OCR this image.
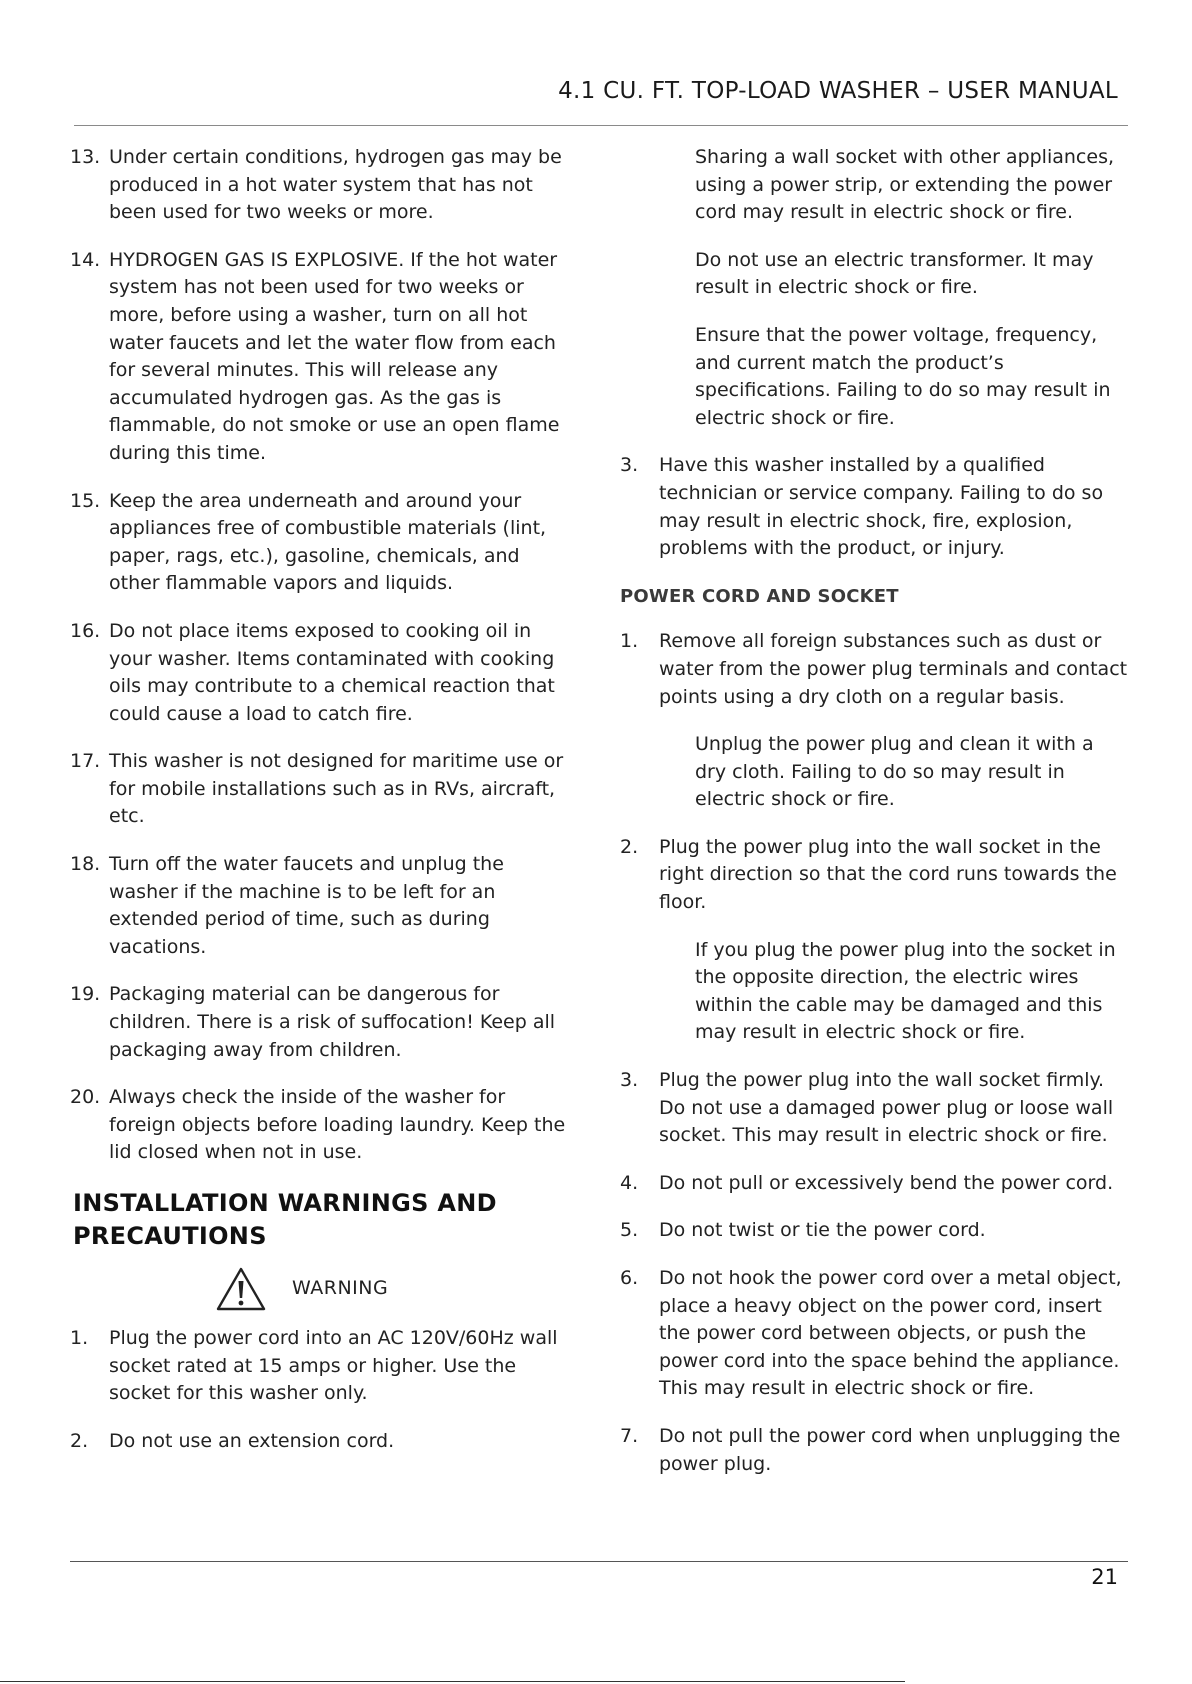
4.1 CU. FT. TOP-LOAD WASHER – USER MANUAL
13. Under certain conditions, hydrogen gas may be produced in a hot water system that has not been used for two weeks or more.
14. HYDROGEN GAS IS EXPLOSIVE. If the hot water system has not been used for two weeks or more, before using a washer, turn on all hot water faucets and let the water flow from each for several minutes. This will release any accumulated hydrogen gas. As the gas is flammable, do not smoke or use an open flame during this time.
15. Keep the area underneath and around your appliances free of combustible materials (lint, paper, rags, etc.), gasoline, chemicals, and other flammable vapors and liquids.
16. Do not place items exposed to cooking oil in your washer. Items contaminated with cooking oils may contribute to a chemical reaction that could cause a load to catch fire.
17. This washer is not designed for maritime use or for mobile installations such as in RVs, aircraft, etc.
18. Turn off the water faucets and unplug the washer if the machine is to be left for an extended period of time, such as during vacations.
19. Packaging material can be dangerous for children. There is a risk of suffocation! Keep all packaging away from children.
20. Always check the inside of the washer for foreign objects before loading laundry. Keep the lid closed when not in use.
INSTALLATION WARNINGS AND
PRECAUTIONS
WARNING
1. Plug the power cord into an AC 120V/60Hz wall socket rated at 15 amps or higher. Use the socket for this washer only.
2. Do not use an extension cord.
Sharing a wall socket with other appliances, using a power strip, or extending the power cord may result in electric shock or fire.
Do not use an electric transformer. It may result in electric shock or fire.
Ensure that the power voltage, frequency, and current match the product’s specifications. Failing to do so may result in electric shock or fire.
3. Have this washer installed by a qualified technician or service company. Failing to do so may result in electric shock, fire, explosion, problems with the product, or injury.
POWER CORD AND SOCKET
1. Remove all foreign substances such as dust or water from the power plug terminals and contact points using a dry cloth on a regular basis.
Unplug the power plug and clean it with a dry cloth. Failing to do so may result in electric shock or fire.
2. Plug the power plug into the wall socket in the right direction so that the cord runs towards the floor.
If you plug the power plug into the socket in the opposite direction, the electric wires within the cable may be damaged and this may result in electric shock or fire.
3. Plug the power plug into the wall socket firmly. Do not use a damaged power plug or loose wall socket. This may result in electric shock or fire.
4. Do not pull or excessively bend the power cord.
5. Do not twist or tie the power cord.
6. Do not hook the power cord over a metal object, place a heavy object on the power cord, insert the power cord between objects, or push the power cord into the space behind the appliance. This may result in electric shock or fire.
7. Do not pull the power cord when unplugging the power plug.
21
